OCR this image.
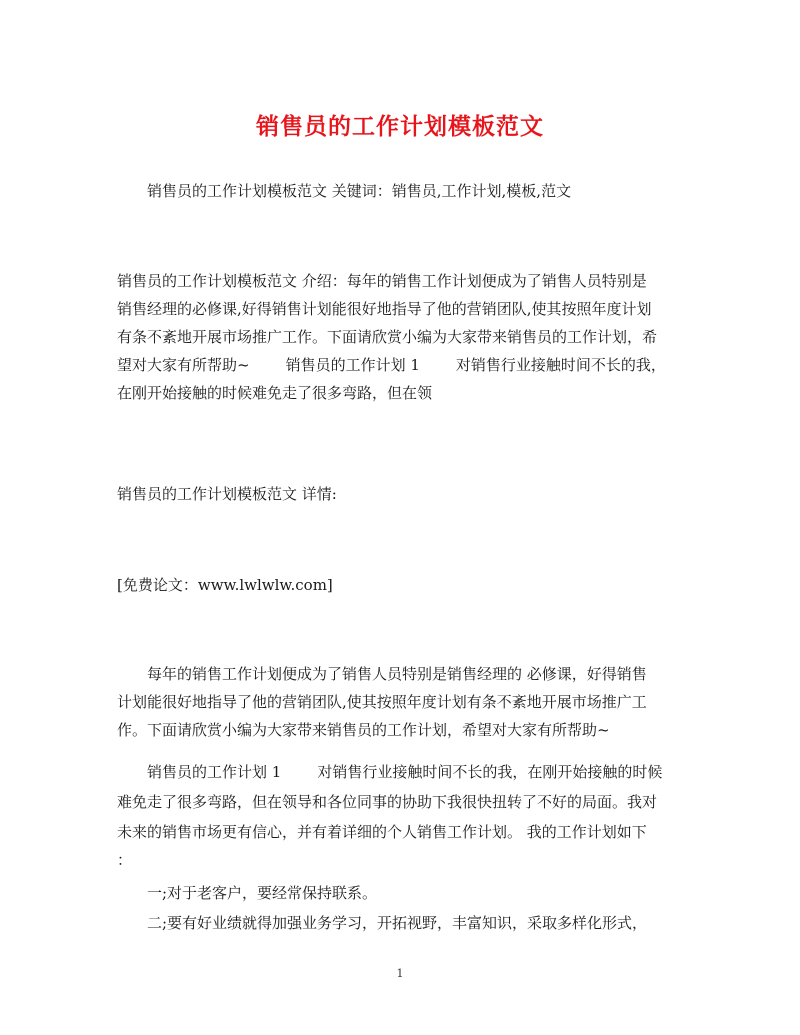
销售员的工作计划模板范文
销售员的工作计划模板范文 关键词：销售员,工作计划,模板,范文
销售员的工作计划模板范文 介绍：每年的销售工作计划便成为了销售人员特别是
销售经理的必修课,好得销售计划能很好地指导了他的营销团队,使其按照年度计划
有条不紊地开展市场推广工作。下面请欣赏小编为大家带来销售员的工作计划，希
望对大家有所帮助~ 销售员的工作计划 1 对销售行业接触时间不长的我，
在刚开始接触的时候难免走了很多弯路，但在领
销售员的工作计划模板范文 详情:
[免费论文：www.lwlwlw.com]
每年的销售工作计划便成为了销售人员特别是销售经理的 必修课，好得销售
计划能很好地指导了他的营销团队,使其按照年度计划有条不紊地开展市场推广工
作。下面请欣赏小编为大家带来销售员的工作计划，希望对大家有所帮助~
销售员的工作计划 1 对销售行业接触时间不长的我，在刚开始接触的时候
难免走了很多弯路，但在领导和各位同事的协助下我很快扭转了不好的局面。我对
未来的销售市场更有信心，并有着详细的个人销售工作计划。 我的工作计划如下
：
一;对于老客户，要经常保持联系。
二;要有好业绩就得加强业务学习，开拓视野，丰富知识，采取多样化形式，
1
